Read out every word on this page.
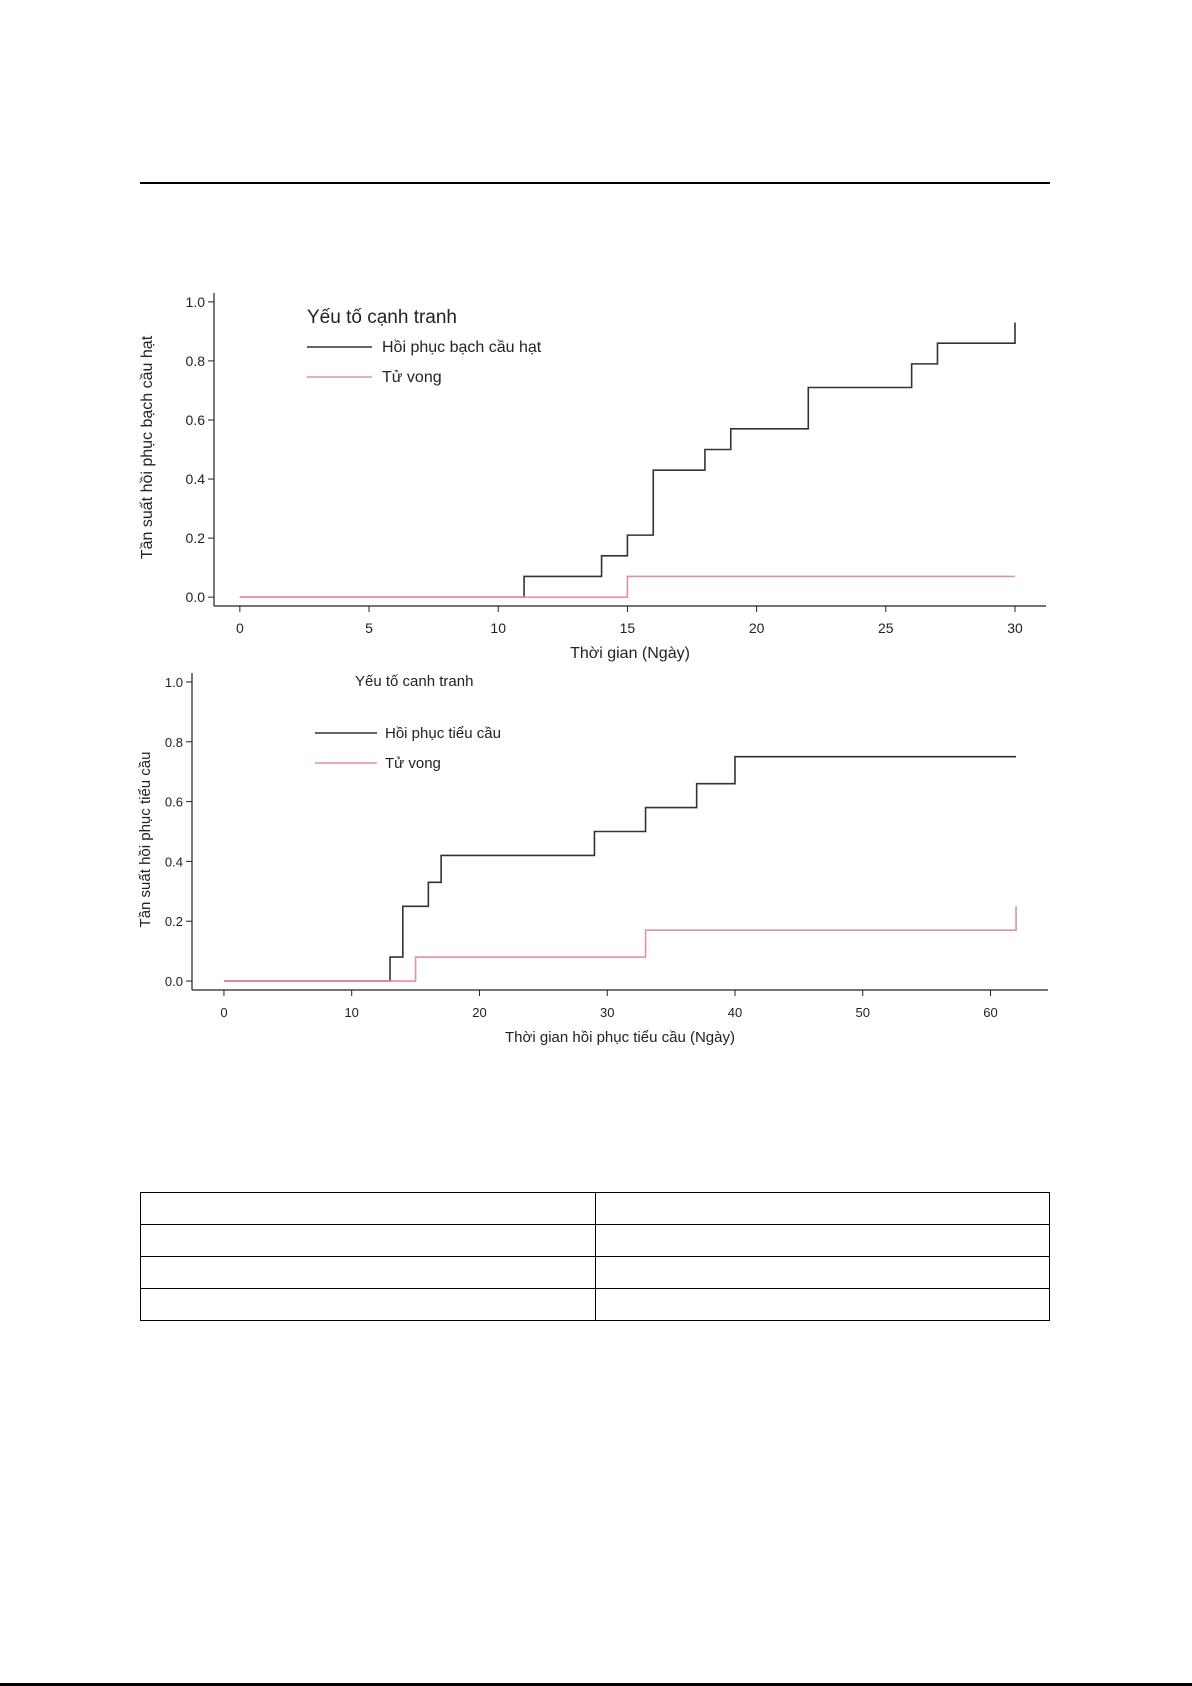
0.0
0.2
0.4
0.6
0.8
1.0
0	5	10	15	20	25	30
Thời gian (Ngày)
Tần suất hồi phục bạch cầu hạt
Yếu tố cạnh tranh
Hồi phục bạch cầu hạt
Tử vong
0.0
0.2
0.4
0.6
0.8
1.0
0	10	20	30	40	50	60
Thời gian hồi phục tiểu cầu (Ngày)
Tần suất hồi phục tiểu cầu
Yếu tố canh tranh
Hồi phục tiểu cầu
Tử vong
